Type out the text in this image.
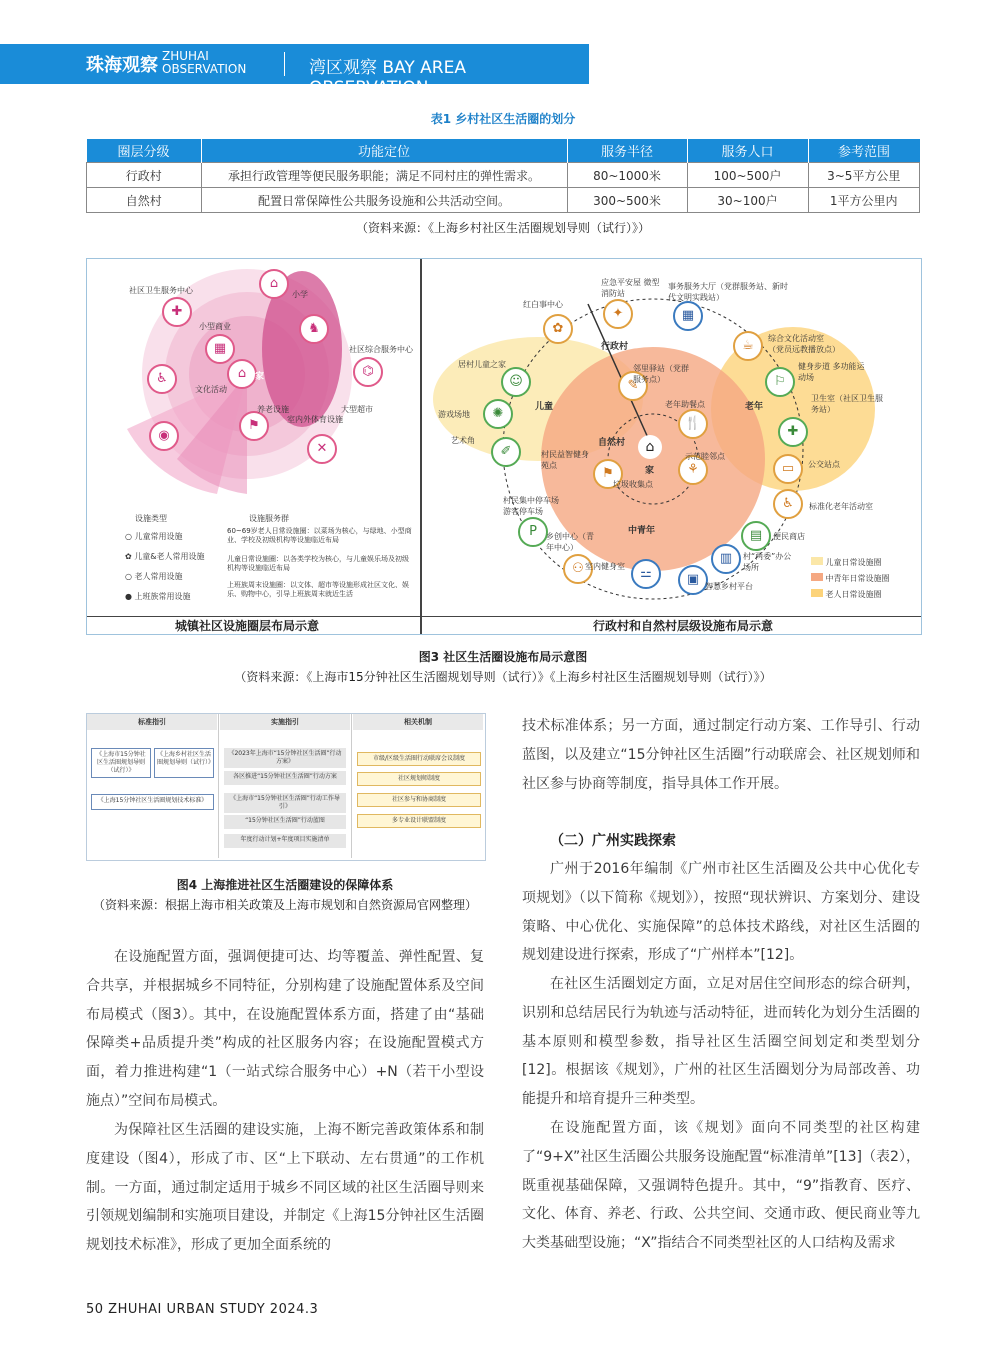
珠海观察 ZHUHAI
OBSERVATION	湾区观察 BAY AREA OBSERVATION
表1 乡村社区生活圈的划分
圈层分级	功能定位	服务半径	服务人口	参考范围
行政村	承担行政管理等便民服务职能；满足不同村庄的弹性需求。	80~1000米	100~500户	3~5平方公里
自然村	配置日常保障性公共服务设施和公共活动空间。	300~500米	30~100户	1平方公里内
（资料来源：《上海乡村社区生活圈规划导则（试行）》）
✚
⌂
▦
♿	⌂	⌬
♞
◉
⚑
✕
社区卫生服务中心	小学
小型商业
文化活动
社区综合服务中心
养老设施	大型超市
室内外体育设施
家
设施类型
○ 儿童常用设施
✿ 儿童&老人常用设施
○ 老人常用设施
● 上班族常用设施
设施服务群
60~69岁老人日常设施圈：以菜场为核心，与绿地、小型商业、学校及初级机构等设施临近布局
儿童日常设施圈：以各类学校为核心，与儿童娱乐场及初级机构等设施临近布局
上班族周末设施圈：以文体、超市等设施形成社区文化、娱乐、购物中心，引导上班族周末就近生活
⌂
家
自然村
行政村
儿童	老年
中青年
✦	▦
✿
☕
☺	✎	⚐
✺
🍴
✚
✐
⚑	⚘	▭
P
♿
▤
⚇
▥
⚍	▣
应急平安屋 微型消防站
事务服务大厅（党群服务站、新时代文明实践站）
红白事中心
综合文化活动室（党员远教播放点）
居村儿童之家	邻里驿站（党群服务点）
健身步道 多功能运动场
游戏场地
老年助餐点
卫生室（社区卫生服务站）
艺术角
村民益智健身苑点
示范睦邻点
公交站点
垃圾收集点
村民集中停车场 游客停车场
标准化老年活动室
乡创中心（青年中心）
便民商店
室内健身室
村“两委”办公场所
智慧乡村平台
儿童日常设施圈
中青年日常设施圈
老人日常设施圈
城镇社区设施圈层布局示意	行政村和自然村层级设施布局示意
图3 社区生活圈设施布局示意图
（资料来源：《上海市15分钟社区生活圈规划导则（试行）》《上海乡村社区生活圈规划导则（试行）》）
标准指引	实施指引	相关机制
《上海市15分钟社区生活圈规划导则（试行）》
《上海乡村社区生活圈规划导则（试行）》
《上海15分钟社区生活圈规划技术标准》
《2023年上海市“15分钟社区生活圈”行动方案》
各区推进“15分钟社区生活圈”行动方案
《上海市“15分钟社区生活圈”行动工作导引》
“15分钟社区生活圈”行动蓝图
年度行动计划+年度项目实施清单
市级/区级生活圈行动联席会议制度
社区规划师制度
社区参与和协商制度
多专业设计联盟制度
图4 上海推进社区生活圈建设的保障体系
（资料来源：根据上海市相关政策及上海市规划和自然资源局官网整理）
在设施配置方面，强调便捷可达、均等覆盖、弹性配置、复合共享，并根据城乡不同特征，分别构建了设施配置体系及空间布局模式（图3）。其中，在设施配置体系方面，搭建了由“基础保障类+品质提升类”构成的社区服务内容；在设施配置模式方面，着力推进构建“1（一站式综合服务中心）+N（若干小型设施点）”空间布局模式。
为保障社区生活圈的建设实施，上海不断完善政策体系和制度建设（图4），形成了市、区“上下联动、左右贯通”的工作机制。一方面，通过制定适用于城乡不同区域的社区生活圈导则来引领规划编制和实施项目建设，并制定《上海15分钟社区生活圈规划技术标准》，形成了更加全面系统的
技术标准体系；另一方面，通过制定行动方案、工作导引、行动蓝图，以及建立“15分钟社区生活圈”行动联席会、社区规划师和社区参与协商等制度，指导具体工作开展。
（二）广州实践探索
广州于2016年编制《广州市社区生活圈及公共中心优化专项规划》（以下简称《规划》），按照“现状辨识、方案划分、建设策略、中心优化、实施保障”的总体技术路线，对社区生活圈的规划建设进行探索，形成了“广州样本”[12]。
在社区生活圈划定方面，立足对居住空间形态的综合研判，识别和总结居民行为轨迹与活动特征，进而转化为划分生活圈的基本原则和模型参数，指导社区生活圈空间划定和类型划分[12]。根据该《规划》，广州的社区生活圈划分为局部改善、功能提升和培育提升三种类型。
在设施配置方面，该《规划》面向不同类型的社区构建了“9+X”社区生活圈公共服务设施配置“标准清单”[13]（表2），既重视基础保障，又强调特色提升。其中，“9”指教育、医疗、文化、体育、养老、行政、公共空间、交通市政、便民商业等九大类基础型设施；“X”指结合不同类型社区的人口结构及需求
50 ZHUHAI URBAN STUDY 2024.3
